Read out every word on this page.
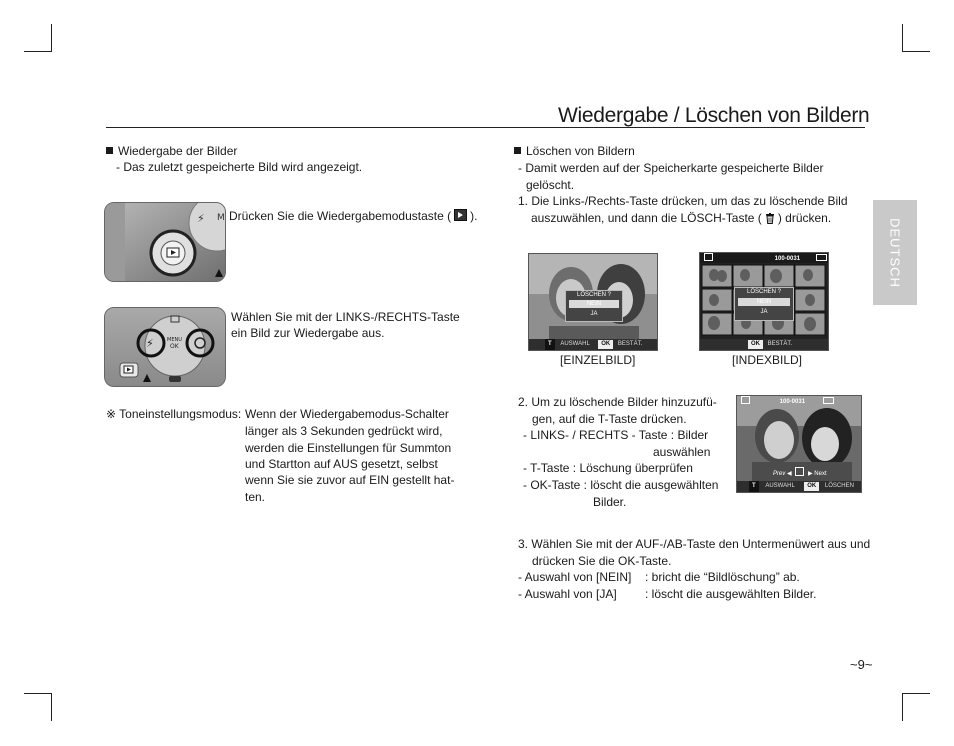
Wiedergabe / Löschen von Bildern
DEUTSCH
Wiedergabe der Bilder
- Das zuletzt gespeicherte Bild wird angezeigt.
⚡ M Drücken Sie die Wiedergabemodustaste ( ).
⚡	MENU
OK
Wählen Sie mit der LINKS-/RECHTS-Taste
ein Bild zur Wiedergabe aus.
※ Toneinstellungsmodus: Wenn der Wiedergabemodus-Schalter
länger als 3 Sekunden gedrückt wird,
werden die Einstellungen für Summton
und Startton auf AUS gesetzt, selbst
wenn Sie sie zuvor auf EIN gestellt hat-
ten.
Löschen von Bildern
- Damit werden auf der Speicherkarte gespeicherte Bilder
gelöscht.
1. Die Links-/Rechts-Taste drücken, um das zu löschende Bild
auszuwählen, und dann die LÖSCH-Taste ( ) drücken.
LÖSCHEN ?
NEIN
JA
T AUSWAHL OK BESTÄT.
[EINZELBILD]
100-0031
LÖSCHEN ?
NEIN
JA
OK BESTÄT.
[INDEXBILD]
2. Um zu löschende Bilder hinzuzufü-
gen, auf die T-Taste drücken.
- LINKS- / RECHTS - Taste : Bilder
auswählen
- T-Taste : Löschung überprüfen
- OK-Taste : löscht die ausgewählten
Bilder.
100-0031
Prev ◀	▶ Next
T AUSWAHL OK LÖSCHEN
3. Wählen Sie mit der AUF-/AB-Taste den Untermenüwert aus und
drücken Sie die OK-Taste.
- Auswahl von [NEIN] : bricht die “Bildlöschung” ab.
- Auswahl von [JA] : löscht die ausgewählten Bilder.
~9~
